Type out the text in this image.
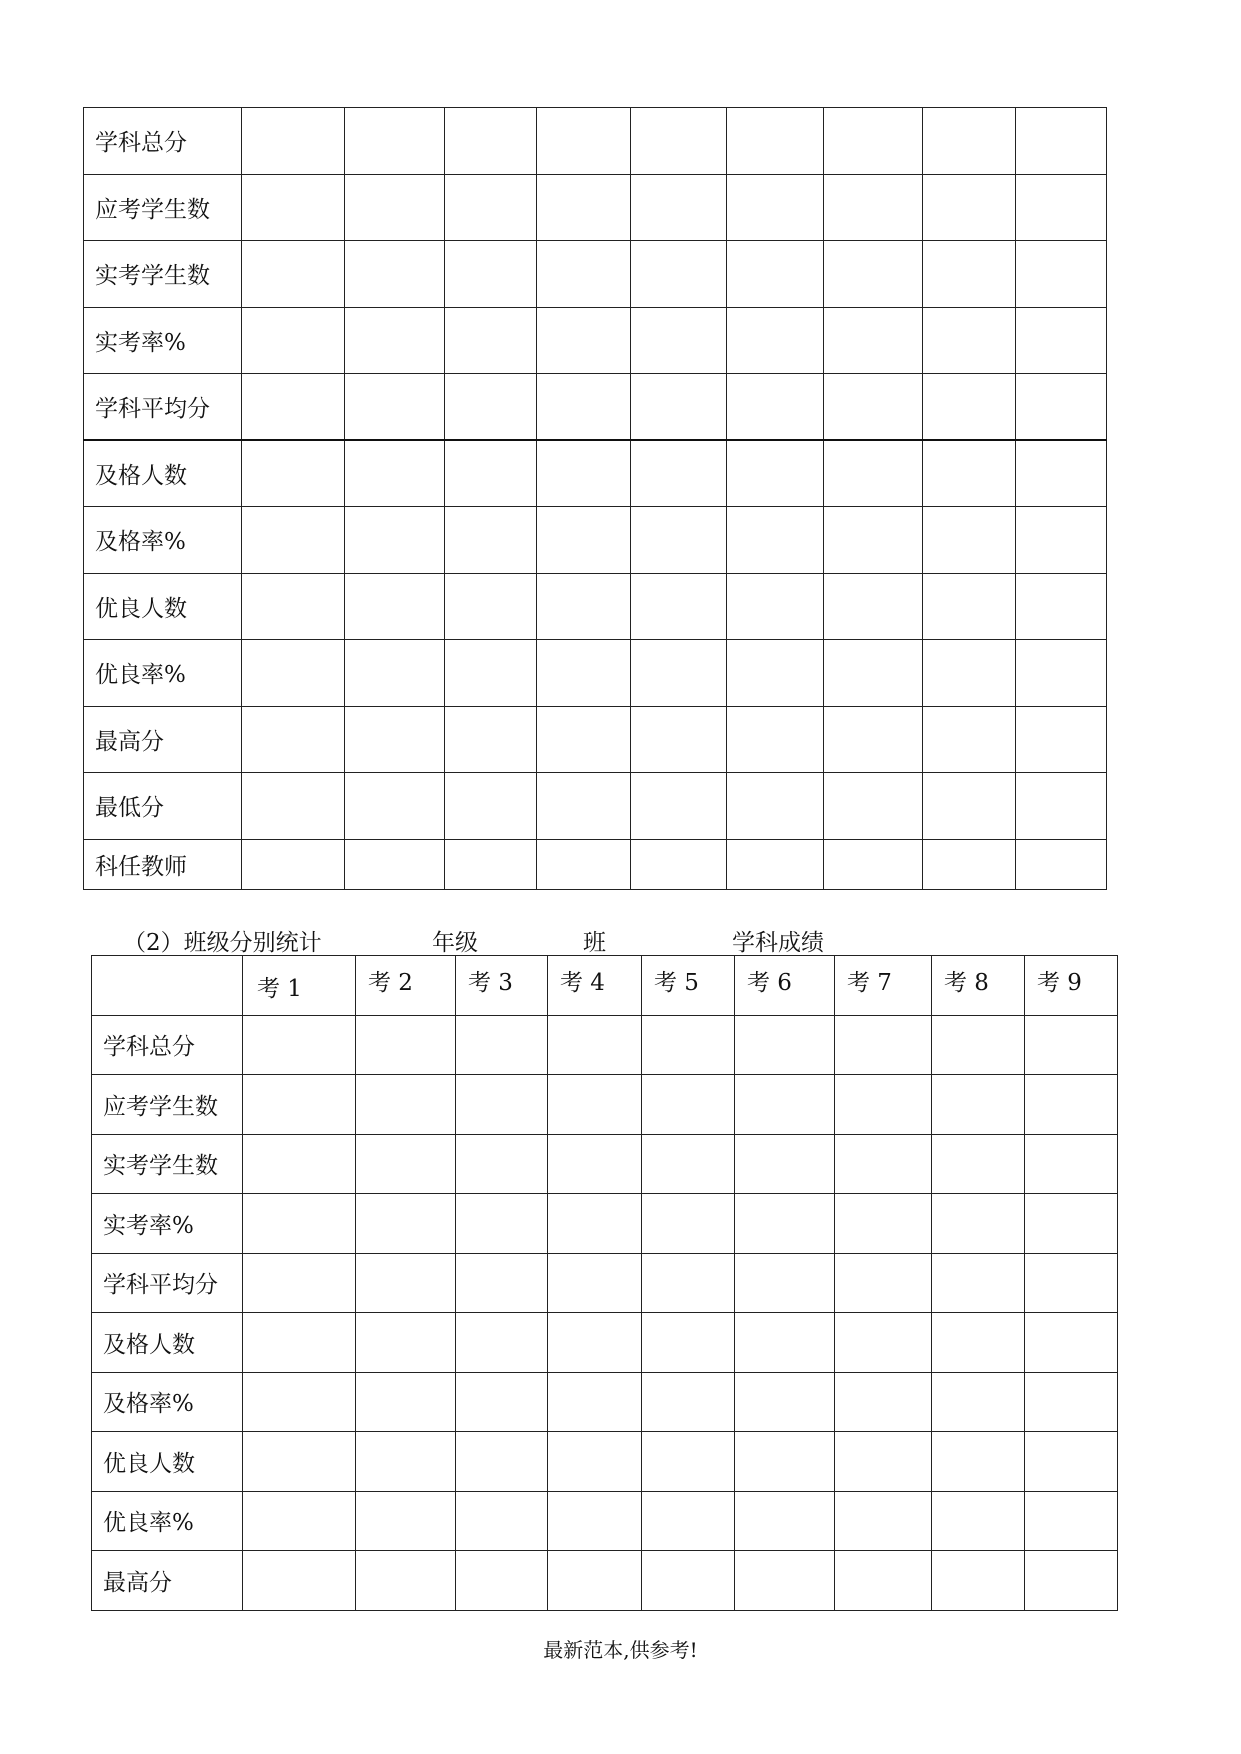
学科总分									
应考学生数									
实考学生数									
实考率%									
学科平均分									
及格人数									
及格率%									
优良人数									
优良率%									
最高分									
最低分									
科任教师									
（2）班级分别统计	年级	班	学科成绩
	考 1	考 2	考 3	考 4	考 5	考 6	考 7	考 8	考 9
学科总分									
应考学生数									
实考学生数									
实考率%									
学科平均分									
及格人数									
及格率%									
优良人数									
优良率%									
最高分									
最新范本,供参考!
